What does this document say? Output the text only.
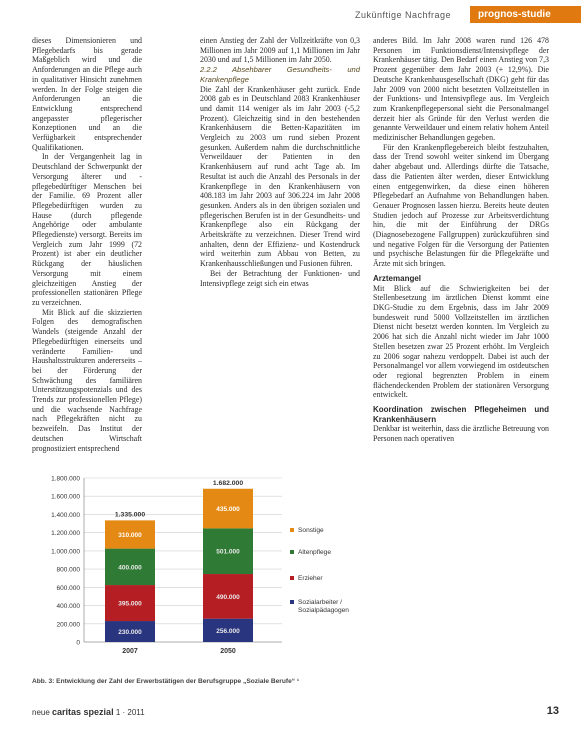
Zukünftige Nachfrage	prognos-studie

dieses Dimensionieren und Pflegebedarfs bis gerade Maßgeblich wird und die Anforderungen an die Pflege auch in qualitativer Hinsicht zunehmen werden. In der Folge steigen die Anforderungen an die Entwicklung entsprechend angepasster pflegerischer Konzeptionen und an die Verfügbarkeit entsprechender Qualifikationen.

In der Vergangenheit lag in Deutschland der Schwerpunkt der Versorgung älterer und -pflegebedürftiger Menschen bei der Familie. 69 Prozent aller Pflegebedürftigen wurden zu Hause (durch pflegende Angehörige oder ambulante Pflegedienste) versorgt. Bereits im Vergleich zum Jahr 1999 (72 Prozent) ist aber ein deutlicher Rückgang der häuslichen Versorgung mit einem gleichzeitigen Anstieg der professionellen stationären Pflege zu verzeichnen.

Mit Blick auf die skizzierten Folgen des demografischen Wandels (steigende Anzahl der Pflegebedürftigen einerseits und veränderte Familien- und Haushaltsstrukturen andererseits – bei der Förderung der Schwächung des familiären Unterstützungspotenzials und des Trends zur professionellen Pflege) und die wachsende Nachfrage nach Pflegekräften nicht zu bezweifeln. Das Institut der deutschen Wirtschaft prognostiziert entsprechend

einen Anstieg der Zahl der Vollzeitkräfte von 0,3 Millionen im Jahr 2009 auf 1,1 Millionen im Jahr 2030 und auf 1,5 Millionen im Jahr 2050.

2.2.2 Absehbarer Gesundheits- und Krankenpflege

Die Zahl der Krankenhäuser geht zurück. Ende 2008 gab es in Deutschland 2083 Krankenhäuser und damit 114 weniger als im Jahr 2003 (-5,2 Prozent). Gleichzeitig sind in den bestehenden Krankenhäusern die Betten-Kapazitäten im Vergleich zu 2003 um rund sieben Prozent gesunken. Außerdem nahm die durchschnittliche Verweildauer der Patienten in den Krankenhäusern auf rund acht Tage ab. Im Resultat ist auch die Anzahl des Personals in der Krankenpflege in den Krankenhäusern von 408.183 im Jahr 2003 auf 306.224 im Jahr 2008 gesunken. Anders als in den übrigen sozialen und pflegerischen Berufen ist in der Gesundheits- und Krankenpflege also ein Rückgang der Arbeitskräfte zu verzeichnen. Dieser Trend wird anhalten, denn der Effizienz- und Kostendruck wird weiterhin zum Abbau von Betten, zu Krankenhausschließungen und Fusionen führen.

Bei der Betrachtung der Funktionen- und Intensivpflege zeigt sich ein etwas

anderes Bild. Im Jahr 2008 waren rund 126 478 Personen im Funktionsdienst/Intensivpflege der Krankenhäuser tätig. Den Bedarf einen Anstieg von 7,3 Prozent gegenüber dem Jahr 2003 (+ 12,9%). Die Deutsche Krankenhausgesellschaft (DKG) geht für das Jahr 2009 von 2000 nicht besetzten Vollzeitstellen in der Funktions- und Intensivpflege aus. Im Vergleich zum Krankenpflegepersonal sieht die Personalmangel derzeit hier als Gründe für den Verlust werden die genannte Verweildauer und einem relativ hohem Anteil medizinischer Behandlungen gegeben.

Für den Krankenpflegebereich bleibt festzuhalten, dass der Trend sowohl weiter sinkend im Übergang daher abgebaut und. Allerdings dürfte die Tatsache, dass die Patienten älter werden, dieser Entwicklung einen entgegenwirken, da diese einen höheren Pflegebedarf an Aufnahme von Behandlungen haben. Genauer Prognosen lassen hierzu. Bereits heute deuten Studien jedoch auf Prozesse zur Arbeitsverdichtung hin, die mit der Einführung der DRGs (Diagnosebezogene Fallgruppen) zurückzuführen sind und negative Folgen für die Versorgung der Patienten und psychische Belastungen für die Pflegekräfte und Ärzte mit sich bringen.

Arztemangel

Mit Blick auf die Schwierigkeiten bei der Stellenbesetzung im ärztlichen Dienst kommt eine DKG-Studie zu dem Ergebnis, dass im Jahr 2009 bundesweit rund 5000 Vollzeitstellen im ärztlichen Dienst nicht besetzt werden konnten. Im Vergleich zu 2006 hat sich die Anzahl nicht wieder im Jahr 1000 Stellen besetzen zwar 25 Prozent erhöht. Im Vergleich zu 2006 sogar nahezu verdoppelt. Dabei ist auch der Personalmangel vor allem vorwiegend im ostdeutschen oder regional begrenzten Problem in einem flächendeckenden Problem der stationären Versorgung entwickelt.

Koordination zwischen Pflegeheimen und Krankenhäusern

Denkbar ist weiterhin, dass die ärztliche Betreuung von Personen nach operativen

1.800.000
1.600.000
1.400.000
1.200.000
1.000.000
800.000
600.000
400.000
200.000
0
230.000
395.000
400.000
310.000
1.335.000
2007
256.000
490.000
501.000
435.000
1.682.000
2050
Sonstige
Altenpflege
Erzieher
Sozialarbeiter /
Sozialpädagogen
Abb. 3: Entwicklung der Zahl der Erwerbstätigen der Berufsgruppe „Soziale Berufe“ ¹
neue caritas spezial 1 · 2011	13
